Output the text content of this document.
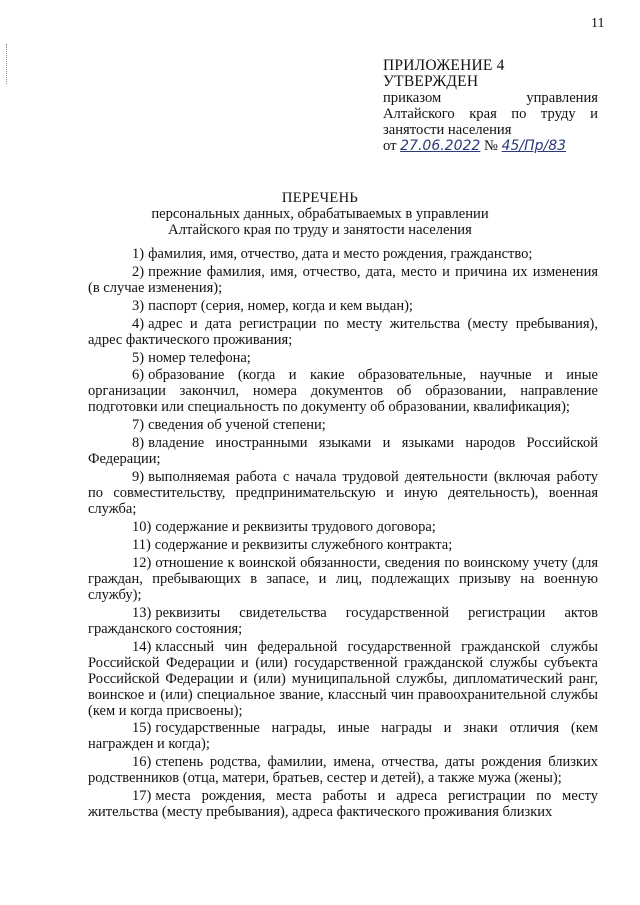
11
ПРИЛОЖЕНИЕ 4
УТВЕРЖДЕН
приказом	управления
Алтайского края по труду и
занятости населения
от 27.06.2022 № 45/Пр/83
ПЕРЕЧЕНЬ
персональных данных, обрабатываемых в управлении
Алтайского края по труду и занятости населения
1) фамилия, имя, отчество, дата и место рождения, гражданство;
2) прежние фамилия, имя, отчество, дата, место и причина их изменения (в случае изменения);
3) паспорт (серия, номер, когда и кем выдан);
4) адрес и дата регистрации по месту жительства (месту пребывания), адрес фактического проживания;
5) номер телефона;
6) образование (когда и какие образовательные, научные и иные организации закончил, номера документов об образовании, направление подготовки или специальность по документу об образовании, квалификация);
7) сведения об ученой степени;
8) владение иностранными языками и языками народов Российской Федерации;
9) выполняемая работа с начала трудовой деятельности (включая работу по совместительству, предпринимательскую и иную деятельность), военная служба;
10) содержание и реквизиты трудового договора;
11) содержание и реквизиты служебного контракта;
12) отношение к воинской обязанности, сведения по воинскому учету (для граждан, пребывающих в запасе, и лиц, подлежащих призыву на военную службу);
13) реквизиты свидетельства государственной регистрации актов гражданского состояния;
14) классный чин федеральной государственной гражданской службы Российской Федерации и (или) государственной гражданской службы субъекта Российской Федерации и (или) муниципальной службы, дипломатический ранг, воинское и (или) специальное звание, классный чин правоохранительной службы (кем и когда присвоены);
15) государственные награды, иные награды и знаки отличия (кем награжден и когда);
16) степень родства, фамилии, имена, отчества, даты рождения близких родственников (отца, матери, братьев, сестер и детей), а также мужа (жены);
17) места рождения, места работы и адреса регистрации по месту жительства (месту пребывания), адреса фактического проживания близких
